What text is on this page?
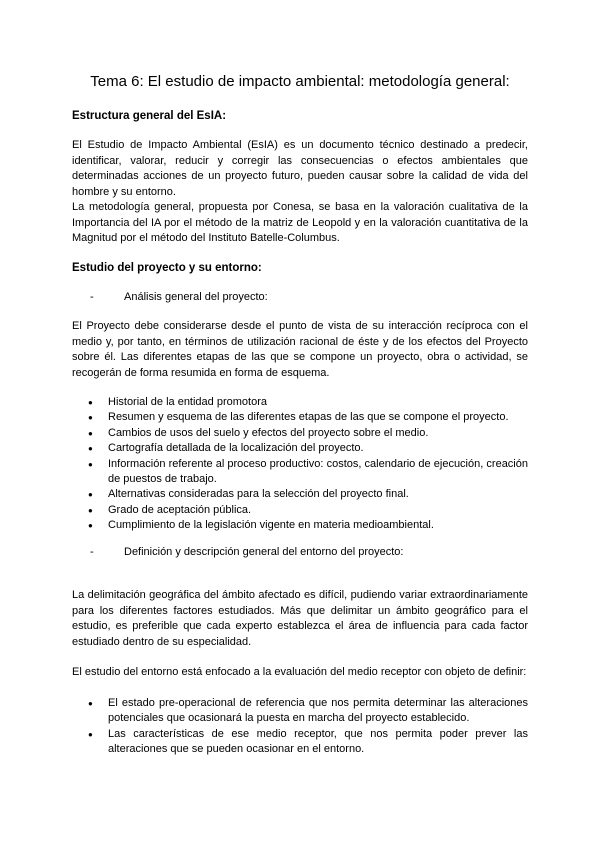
Tema 6: El estudio de impacto ambiental: metodología general:
Estructura general del EsIA:

El Estudio de Impacto Ambiental (EsIA) es un documento técnico destinado a predecir, identificar, valorar, reducir y corregir las consecuencias o efectos ambientales que determinadas acciones de un proyecto futuro, pueden causar sobre la calidad de vida del hombre y su entorno.

La metodología general, propuesta por Conesa, se basa en la valoración cualitativa de la Importancia del IA por el método de la matriz de Leopold y en la valoración cuantitativa de la Magnitud por el método del Instituto Batelle-Columbus.

Estudio del proyecto y su entorno:

-	Análisis general del proyecto:

El Proyecto debe considerarse desde el punto de vista de su interacción recíproca con el medio y, por tanto, en términos de utilización racional de éste y de los efectos del Proyecto sobre él. Las diferentes etapas de las que se compone un proyecto, obra o actividad, se recogerán de forma resumida en forma de esquema.

● Historial de la entidad promotora
● Resumen y esquema de las diferentes etapas de las que se compone el proyecto.
● Cambios de usos del suelo y efectos del proyecto sobre el medio.
● Cartografía detallada de la localización del proyecto.
● Información referente al proceso productivo: costos, calendario de ejecución, creación de puestos de trabajo.
● Alternativas consideradas para la selección del proyecto final.
● Grado de aceptación pública.
● Cumplimiento de la legislación vigente en materia medioambiental.

-	Definición y descripción general del entorno del proyecto:

La delimitación geográfica del ámbito afectado es difícil, pudiendo variar extraordinariamente para los diferentes factores estudiados. Más que delimitar un ámbito geográfico para el estudio, es preferible que cada experto establezca el área de influencia para cada factor estudiado dentro de su especialidad.

El estudio del entorno está enfocado a la evaluación del medio receptor con objeto de definir:

● El estado pre-operacional de referencia que nos permita determinar las alteraciones potenciales que ocasionará la puesta en marcha del proyecto establecido.
● Las características de ese medio receptor, que nos permita poder prever las alteraciones que se pueden ocasionar en el entorno.
